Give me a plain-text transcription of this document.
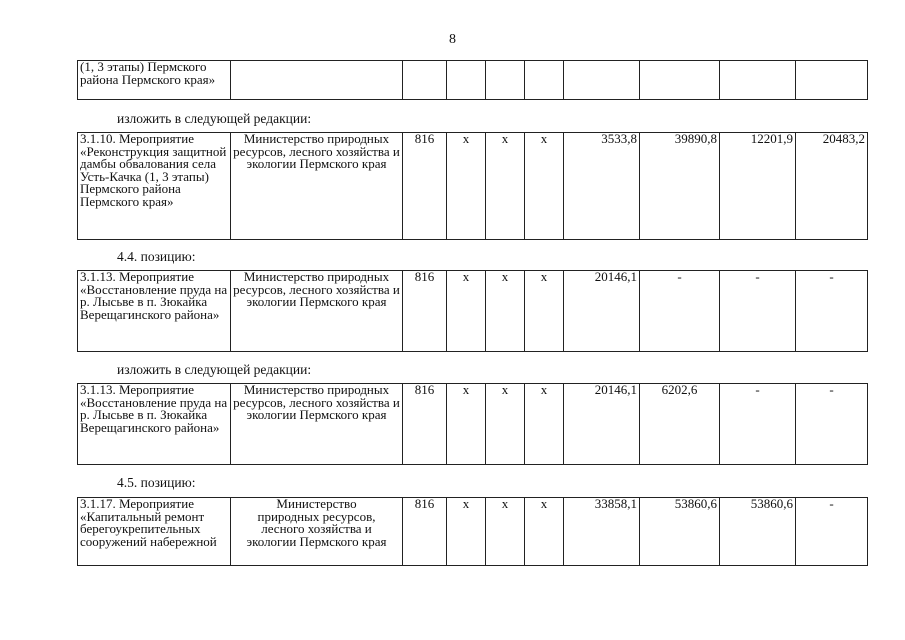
8
(1, 3 этапы) Пермского района Пермского края»									
изложить в следующей редакции:
3.1.10. Мероприятие «Реконструкция защитной дамбы обвалования села Усть-Качка (1, 3 этапы) Пермского района Пермского края»	Министерство природных ресурсов, лесного хозяйства и экологии Пермского края	816	х	х	х	3533,8	39890,8	12201,9	20483,2
4.4. позицию:
3.1.13. Мероприятие «Восстановление пруда на р. Лысьве в п. Зюкайка Верещагинского района»	Министерство природных ресурсов, лесного хозяйства и экологии Пермского края	816	х	х	х	20146,1	-	-	-
изложить в следующей редакции:
3.1.13. Мероприятие «Восстановление пруда на р. Лысьве в п. Зюкайка Верещагинского района»	Министерство природных ресурсов, лесного хозяйства и экологии Пермского края	816	х	х	х	20146,1	6202,6	-	-
4.5. позицию:
3.1.17. Мероприятие «Капитальный ремонт берегоукрепительных сооружений набережной	Министерство природных ресурсов, лесного хозяйства и экологии Пермского края	816	х	х	х	33858,1	53860,6	53860,6	-
